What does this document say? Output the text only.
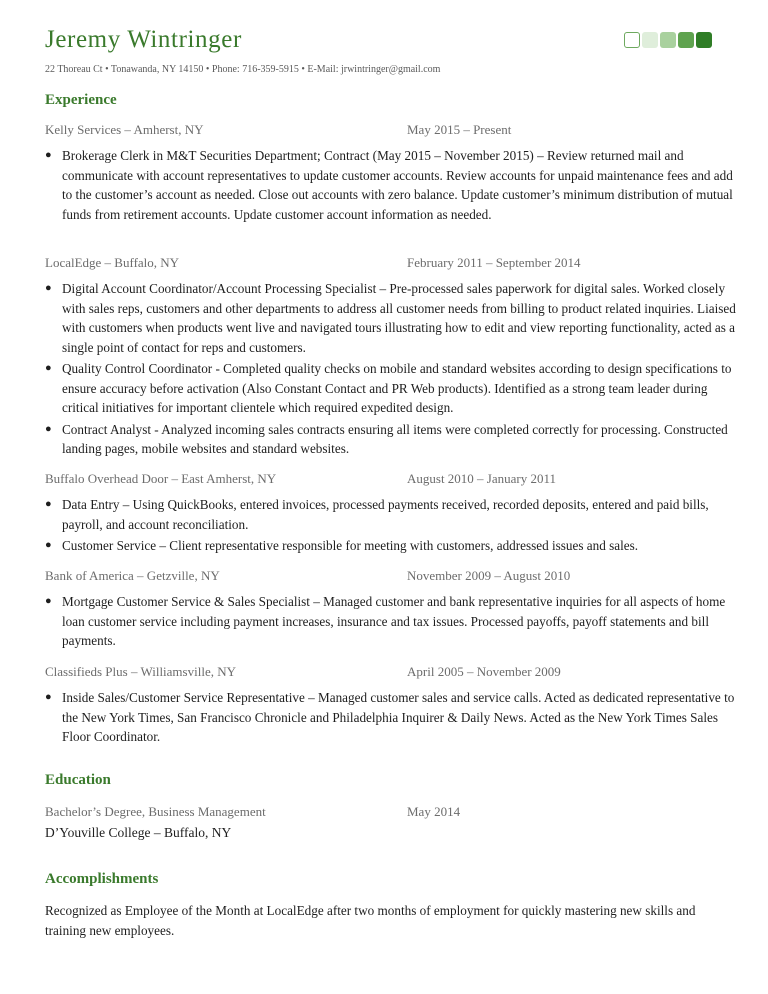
Jeremy Wintringer
22 Thoreau Ct • Tonawanda, NY 14150 • Phone: 716-359-5915 • E-Mail: jrwintringer@gmail.com
Experience
Kelly Services – Amherst, NY	May 2015 – Present
● Brokerage Clerk in M&T Securities Department; Contract (May 2015 – November 2015) – Review returned mail and communicate with account representatives to update customer accounts. Review accounts for unpaid maintenance fees and add to the customer’s account as needed. Close out accounts with zero balance. Update customer’s minimum distribution of mutual funds from retirement accounts. Update customer account information as needed.
LocalEdge – Buffalo, NY	February 2011 – September 2014
● Digital Account Coordinator/Account Processing Specialist – Pre-processed sales paperwork for digital sales. Worked closely with sales reps, customers and other departments to address all customer needs from billing to product related inquiries. Liaised with customers when products went live and navigated tours illustrating how to edit and view reporting functionality, acted as a single point of contact for reps and customers.
● Quality Control Coordinator - Completed quality checks on mobile and standard websites according to design specifications to ensure accuracy before activation (Also Constant Contact and PR Web products). Identified as a strong team leader during critical initiatives for important clientele which required expedited design.
● Contract Analyst - Analyzed incoming sales contracts ensuring all items were completed correctly for processing. Constructed landing pages, mobile websites and standard websites.
Buffalo Overhead Door – East Amherst, NY	August 2010 – January 2011
● Data Entry – Using QuickBooks, entered invoices, processed payments received, recorded deposits, entered and paid bills, payroll, and account reconciliation.
● Customer Service – Client representative responsible for meeting with customers, addressed issues and sales.
Bank of America – Getzville, NY	November 2009 – August 2010
● Mortgage Customer Service & Sales Specialist – Managed customer and bank representative inquiries for all aspects of home loan customer service including payment increases, insurance and tax issues. Processed payoffs, payoff statements and bill payments.
Classifieds Plus – Williamsville, NY	April 2005 – November 2009
● Inside Sales/Customer Service Representative – Managed customer sales and service calls. Acted as dedicated representative to the New York Times, San Francisco Chronicle and Philadelphia Inquirer & Daily News. Acted as the New York Times Sales Floor Coordinator.
Education
Bachelor’s Degree, Business Management	May 2014
D’Youville College – Buffalo, NY
Accomplishments
Recognized as Employee of the Month at LocalEdge after two months of employment for quickly mastering new skills and training new employees.
